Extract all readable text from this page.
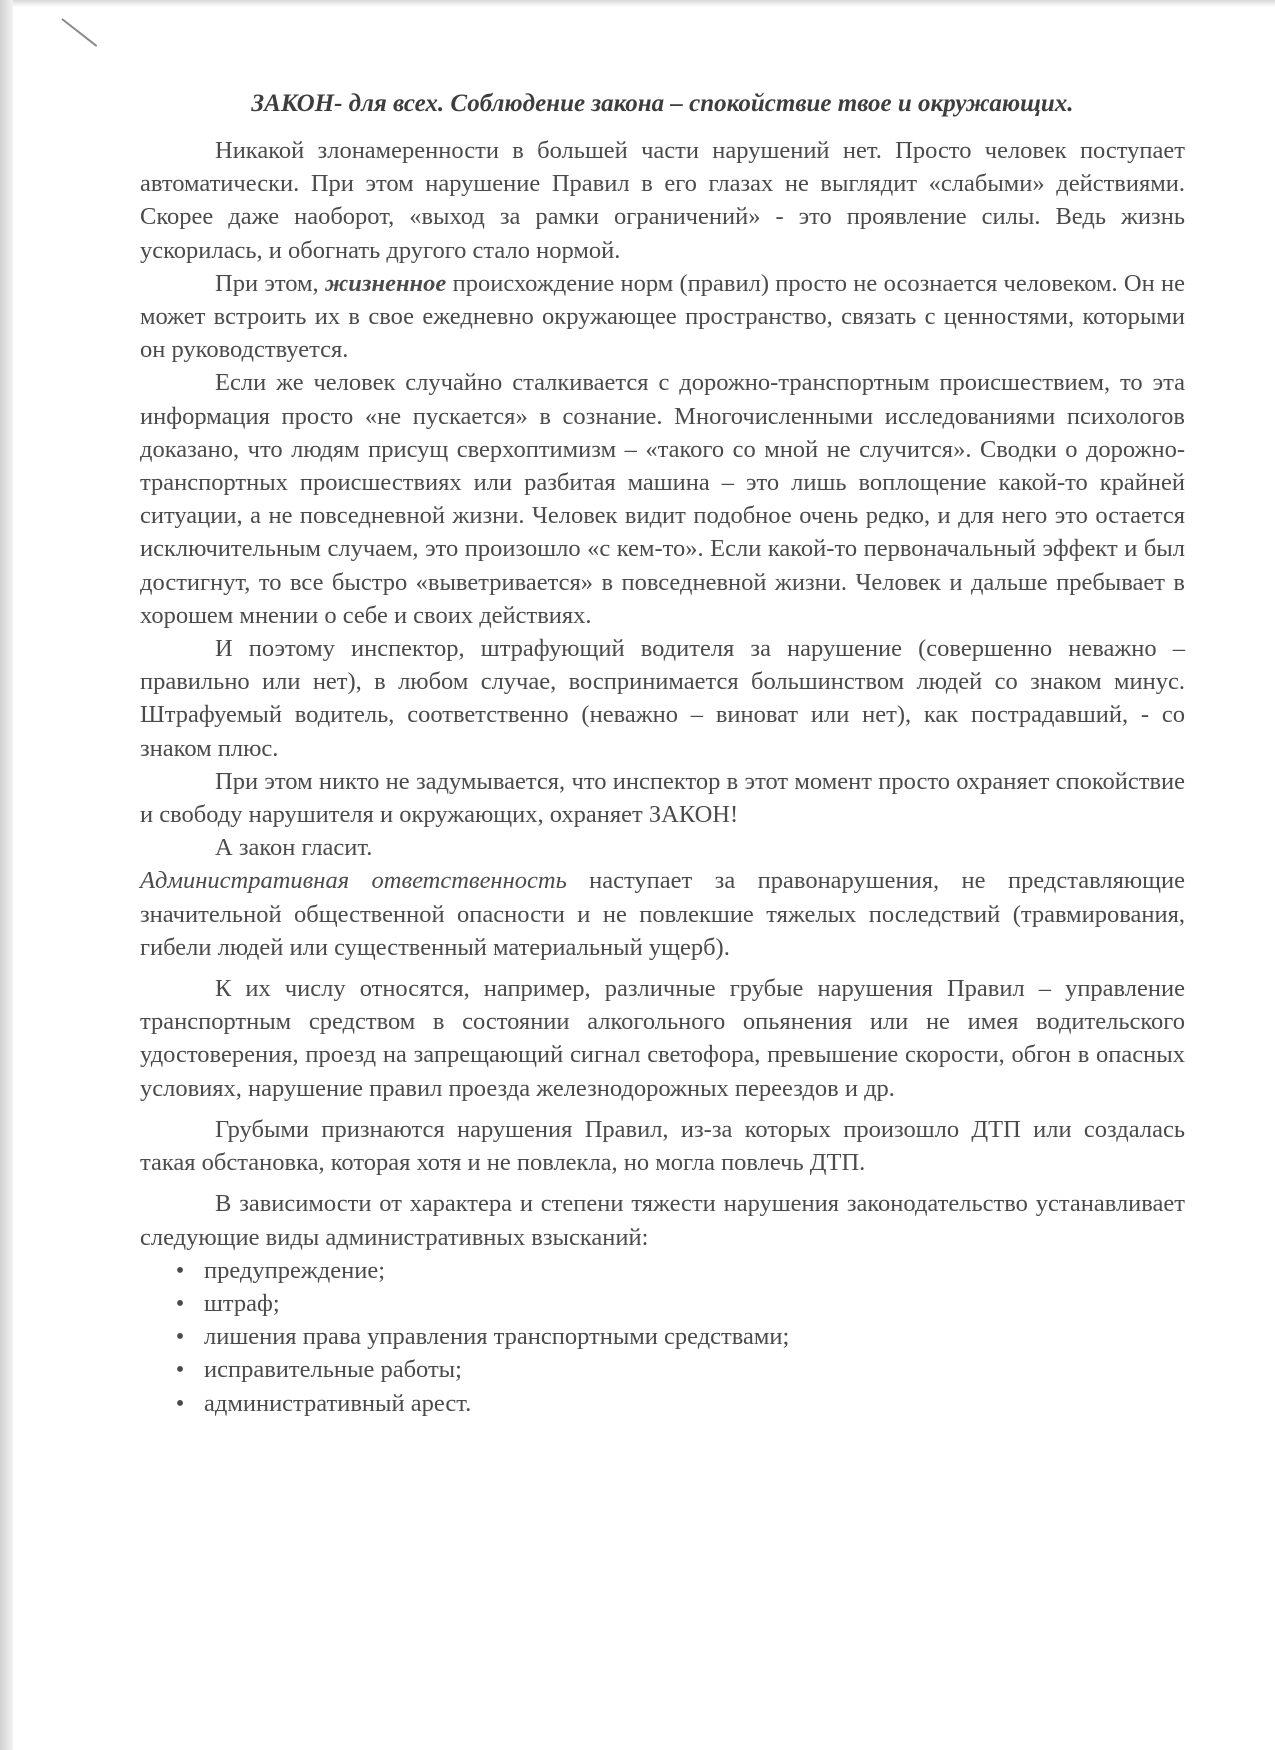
ЗАКОН- для всех. Соблюдение закона – спокойствие твое и окружающих.

Никакой злонамеренности в большей части нарушений нет. Просто человек поступает автоматически. При этом нарушение Правил в его глазах не выглядит «слабыми» действиями. Скорее даже наоборот, «выход за рамки ограничений» - это проявление силы. Ведь жизнь ускорилась, и обогнать другого стало нормой.

При этом, жизненное происхождение норм (правил) просто не осознается человеком. Он не может встроить их в свое ежедневно окружающее пространство, связать с ценностями, которыми он руководствуется.

Если же человек случайно сталкивается с дорожно-транспортным происшествием, то эта информация просто «не пускается» в сознание. Многочисленными исследованиями психологов доказано, что людям присущ сверхоптимизм – «такого со мной не случится». Сводки о дорожно-транспортных происшествиях или разбитая машина – это лишь воплощение какой-то крайней ситуации, а не повседневной жизни. Человек видит подобное очень редко, и для него это остается исключительным случаем, это произошло «с кем-то». Если какой-то первоначальный эффект и был достигнут, то все быстро «выветривается» в повседневной жизни. Человек и дальше пребывает в хорошем мнении о себе и своих действиях.

И поэтому инспектор, штрафующий водителя за нарушение (совершенно неважно – правильно или нет), в любом случае, воспринимается большинством людей со знаком минус. Штрафуемый водитель, соответственно (неважно – виноват или нет), как пострадавший, - со знаком плюс.

При этом никто не задумывается, что инспектор в этот момент просто охраняет спокойствие и свободу нарушителя и окружающих, охраняет ЗАКОН!

А закон гласит.

Административная ответственность наступает за правонарушения, не представляющие значительной общественной опасности и не повлекшие тяжелых последствий (травмирования, гибели людей или существенный материальный ущерб).

К их числу относятся, например, различные грубые нарушения Правил – управление транспортным средством в состоянии алкогольного опьянения или не имея водительского удостоверения, проезд на запрещающий сигнал светофора, превышение скорости, обгон в опасных условиях, нарушение правил проезда железнодорожных переездов и др.

Грубыми признаются нарушения Правил, из-за которых произошло ДТП или создалась такая обстановка, которая хотя и не повлекла, но могла повлечь ДТП.

В зависимости от характера и степени тяжести нарушения законодательство устанавливает следующие виды административных взысканий:

• предупреждение;
• штраф;
• лишения права управления транспортными средствами;
• исправительные работы;
• административный арест.
